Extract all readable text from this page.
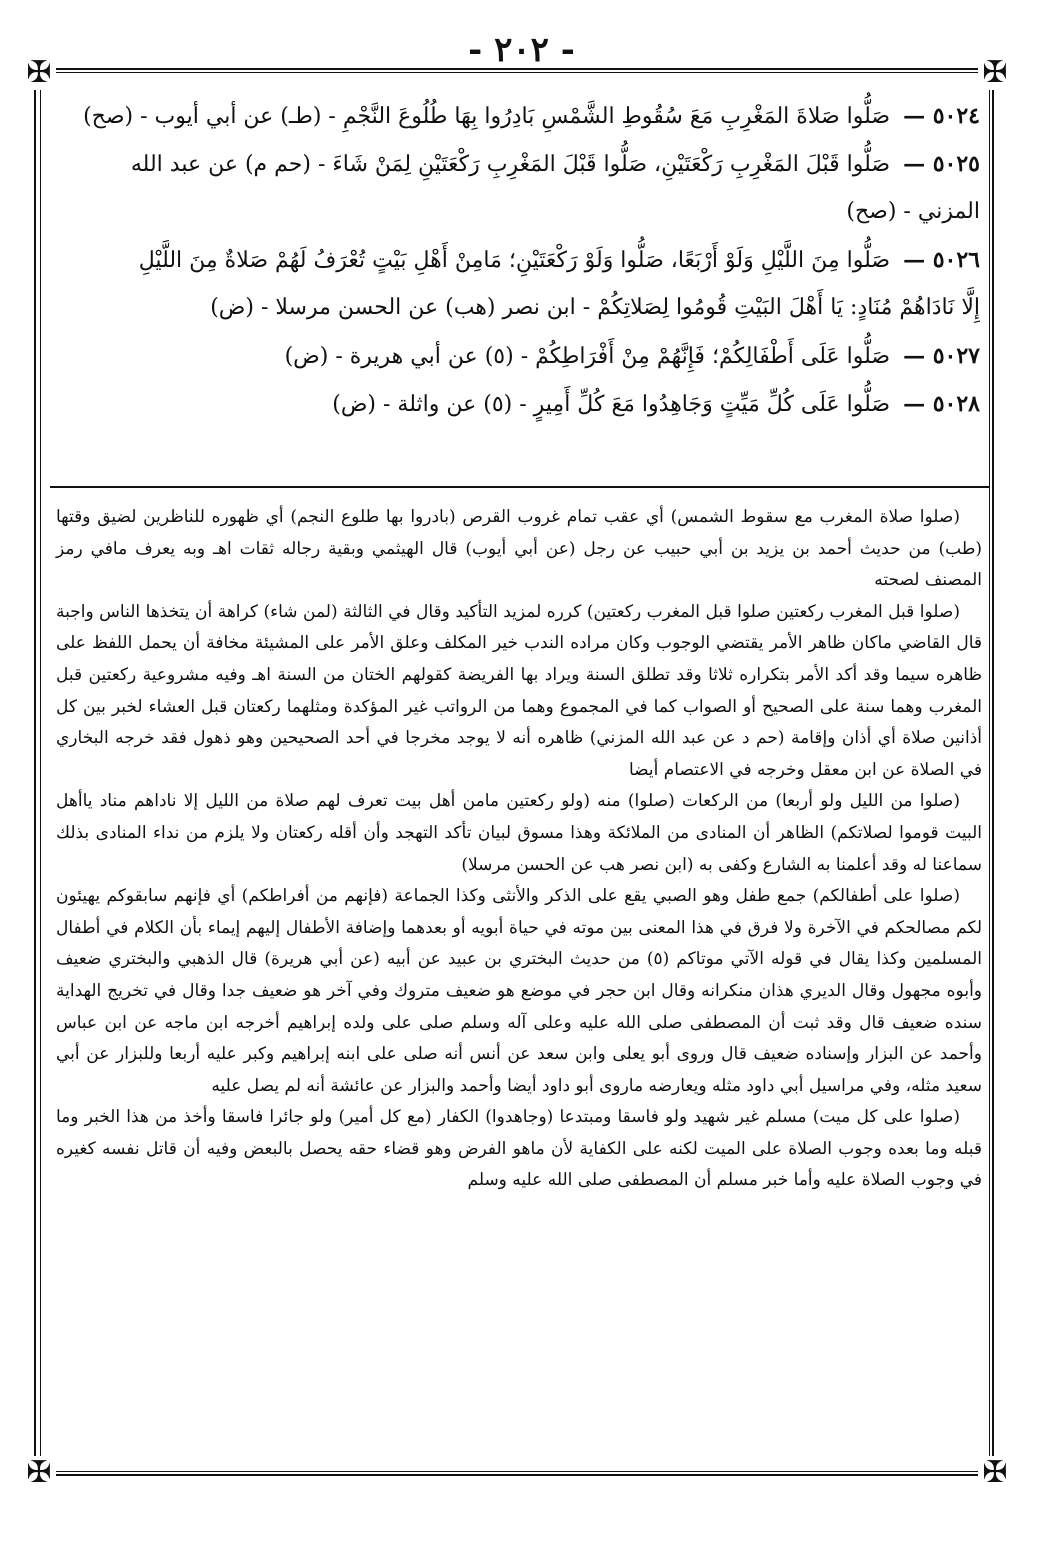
- ٢٠٢ -
✠	✠
✠	✠
٥٠٢٤ — صَلُّوا صَلاةَ المَغْرِبِ مَعَ سُقُوطِ الشَّمْسِ بَادِرُوا بِهَا طُلُوعَ النَّجْمِ - (طـ) عن أبي أيوب - (صح)
٥٠٢٥ — صَلُّوا قَبْلَ المَغْرِبِ رَكْعَتَيْنِ، صَلُّوا قَبْلَ المَغْرِبِ رَكْعَتَيْنِ لِمَنْ شَاءَ - (حم م) عن عبد الله
المزني - (صح)
٥٠٢٦ — صَلُّوا مِنَ اللَّيْلِ وَلَوْ أَرْبَعًا، صَلُّوا وَلَوْ رَكْعَتَيْنِ؛ مَامِنْ أَهْلِ بَيْتٍ تُعْرَفُ لَهُمْ صَلاةٌ مِنَ اللَّيْلِ
إِلَّا نَادَاهُمْ مُنَادٍ: يَا أَهْلَ البَيْتِ قُومُوا لِصَلاتِكُمْ - ابن نصر (هب) عن الحسن مرسلا - (ض)
٥٠٢٧ — صَلُّوا عَلَى أَطْفَالِكُمْ؛ فَإِنَّهُمْ مِنْ أَفْرَاطِكُمْ - (٥) عن أبي هريرة - (ض)
٥٠٢٨ — صَلُّوا عَلَى كُلِّ مَيِّتٍ وَجَاهِدُوا مَعَ كُلِّ أَمِيرٍ - (٥) عن واثلة - (ض)

(صلوا صلاة المغرب مع سقوط الشمس) أي عقب تمام غروب القرص (بادروا بها طلوع النجم) أي ظهوره للناظرين لضيق وقتها (طب) من حديث أحمد بن يزيد بن أبي حبيب عن رجل (عن أبي أيوب) قال الهيثمي وبقية رجاله ثقات اهـ وبه يعرف مافي رمز المصنف لصحته

(صلوا قبل المغرب ركعتين صلوا قبل المغرب ركعتين) كرره لمزيد التأكيد وقال في الثالثة (لمن شاء) كراهة أن يتخذها الناس واجبة قال القاضي ماكان ظاهر الأمر يقتضي الوجوب وكان مراده الندب خير المكلف وعلق الأمر على المشيئة مخافة أن يحمل اللفظ على ظاهره سيما وقد أكد الأمر بتكراره ثلاثا وقد تطلق السنة ويراد بها الفريضة كقولهم الختان من السنة اهـ وفيه مشروعية ركعتين قبل المغرب وهما سنة على الصحيح أو الصواب كما في المجموع وهما من الرواتب غير المؤكدة ومثلهما ركعتان قبل العشاء لخبر بين كل أذانين صلاة أي أذان وإقامة (حم د عن عبد الله المزني) ظاهره أنه لا يوجد مخرجا في أحد الصحيحين وهو ذهول فقد خرجه البخاري في الصلاة عن ابن معقل وخرجه في الاعتصام أيضا

(صلوا من الليل ولو أربعا) من الركعات (صلوا) منه (ولو ركعتين مامن أهل بيت تعرف لهم صلاة من الليل إلا ناداهم مناد ياأهل البيت قوموا لصلاتكم) الظاهر أن المنادى من الملائكة وهذا مسوق لبيان تأكد التهجد وأن أقله ركعتان ولا يلزم من نداء المنادى بذلك سماعنا له وقد أعلمنا به الشارع وكفى به (ابن نصر هب عن الحسن مرسلا)

(صلوا على أطفالكم) جمع طفل وهو الصبي يقع على الذكر والأنثى وكذا الجماعة (فإنهم من أفراطكم) أي فإنهم سابقوكم يهيئون لكم مصالحكم في الآخرة ولا فرق في هذا المعنى بين موته في حياة أبويه أو بعدهما وإضافة الأطفال إليهم إيماء بأن الكلام في أطفال المسلمين وكذا يقال في قوله الآتي موتاكم (٥) من حديث البختري بن عبيد عن أبيه (عن أبي هريرة) قال الذهبي والبختري ضعيف وأبوه مجهول وقال الديري هذان منكرانه وقال ابن حجر في موضع هو ضعيف متروك وفي آخر هو ضعيف جدا وقال في تخريج الهداية سنده ضعيف قال وقد ثبت أن المصطفى صلى الله عليه وعلى آله وسلم صلى على ولده إبراهيم أخرجه ابن ماجه عن ابن عباس وأحمد عن البزار وإسناده ضعيف قال وروى أبو يعلى وابن سعد عن أنس أنه صلى على ابنه إبراهيم وكبر عليه أربعا وللبزار عن أبي سعيد مثله، وفي مراسيل أبي داود مثله ويعارضه ماروى أبو داود أيضا وأحمد والبزار عن عائشة أنه لم يصل عليه

(صلوا على كل ميت) مسلم غير شهيد ولو فاسقا ومبتدعا (وجاهدوا) الكفار (مع كل أمير) ولو جائرا فاسقا وأخذ من هذا الخبر وما قبله وما بعده وجوب الصلاة على الميت لكنه على الكفاية لأن ماهو الفرض وهو قضاء حقه يحصل بالبعض وفيه أن قاتل نفسه كغيره في وجوب الصلاة عليه وأما خبر مسلم أن المصطفى صلى الله عليه وسلم
